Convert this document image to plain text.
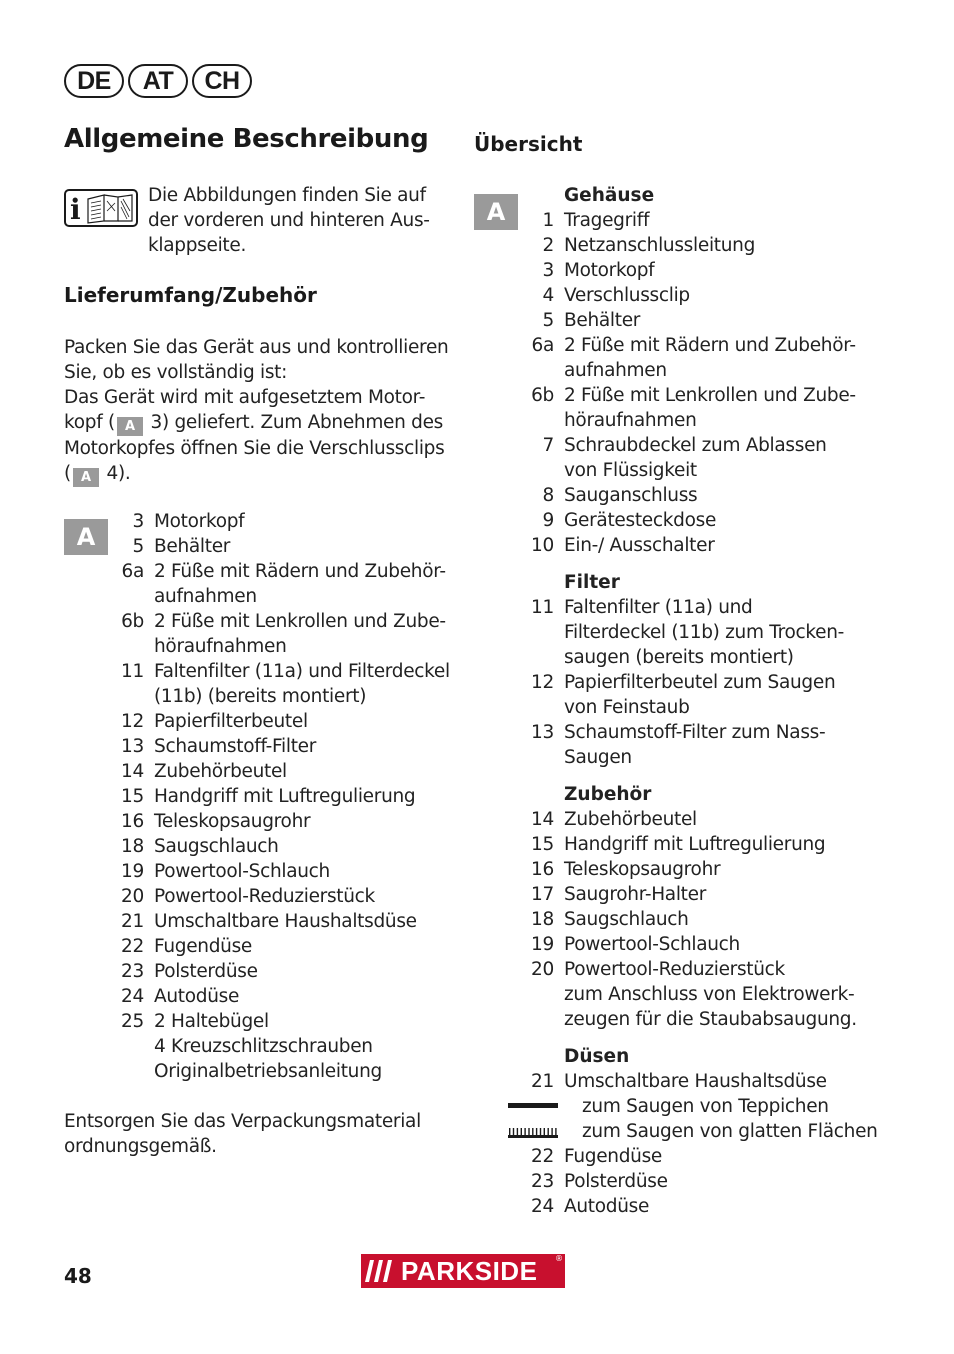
DE	AT	CH
Allgemeine Beschreibung
i	Die Abbildungen finden Sie auf
der vorderen und hinteren Aus-
klappseite.
Lieferumfang/Zubehör
Packen Sie das Gerät aus und kontrollieren
Sie, ob es vollständig ist:
Das Gerät wird mit aufgesetztem Motor-
kopf ( A 3) geliefert. Zum Abnehmen des
Motorkopfes öffnen Sie die Verschlussclips
( A 4).
A
3 Motorkopf
5 Behälter
6a 2 Füße mit Rädern und Zubehör-
aufnahmen
6b 2 Füße mit Lenkrollen und Zube-
höraufnahmen
11 Faltenfilter (11a) und Filterdeckel
(11b) (bereits montiert)
12 Papierfilterbeutel
13 Schaumstoff-Filter
14 Zubehörbeutel
15 Handgriff mit Luftregulierung
16 Teleskopsaugrohr
18 Saugschlauch
19 Powertool-Schlauch
20 Powertool-Reduzierstück
21 Umschaltbare Haushaltsdüse
22 Fugendüse
23 Polsterdüse
24 Autodüse
25 2 Haltebügel
4 Kreuzschlitzschrauben
Originalbetriebsanleitung
Entsorgen Sie das Verpackungsmaterial
ordnungsgemäß.
Übersicht
A
Gehäuse
1 Tragegriff
2 Netzanschlussleitung
3 Motorkopf
4 Verschlussclip
5 Behälter
6a 2 Füße mit Rädern und Zubehör-
aufnahmen
6b 2 Füße mit Lenkrollen und Zube-
höraufnahmen
7 Schraubdeckel zum Ablassen
von Flüssigkeit
8 Sauganschluss
9 Gerätesteckdose
10 Ein-/ Ausschalter
Filter
11 Faltenfilter (11a) und
Filterdeckel (11b) zum Trocken-
saugen (bereits montiert)
12 Papierfilterbeutel zum Saugen
von Feinstaub
13 Schaumstoff-Filter zum Nass-
Saugen
Zubehör
14 Zubehörbeutel
15 Handgriff mit Luftregulierung
16 Teleskopsaugrohr
17 Saugrohr-Halter
18 Saugschlauch
19 Powertool-Schlauch
20 Powertool-Reduzierstück
zum Anschluss von Elektrowerk-
zeugen für die Staubabsaugung.
Düsen
21 Umschaltbare Haushaltsdüse
zum Saugen von Teppichen
zum Saugen von glatten Flächen
22 Fugendüse
23 Polsterdüse
24 Autodüse
48	PARKSIDE ®
